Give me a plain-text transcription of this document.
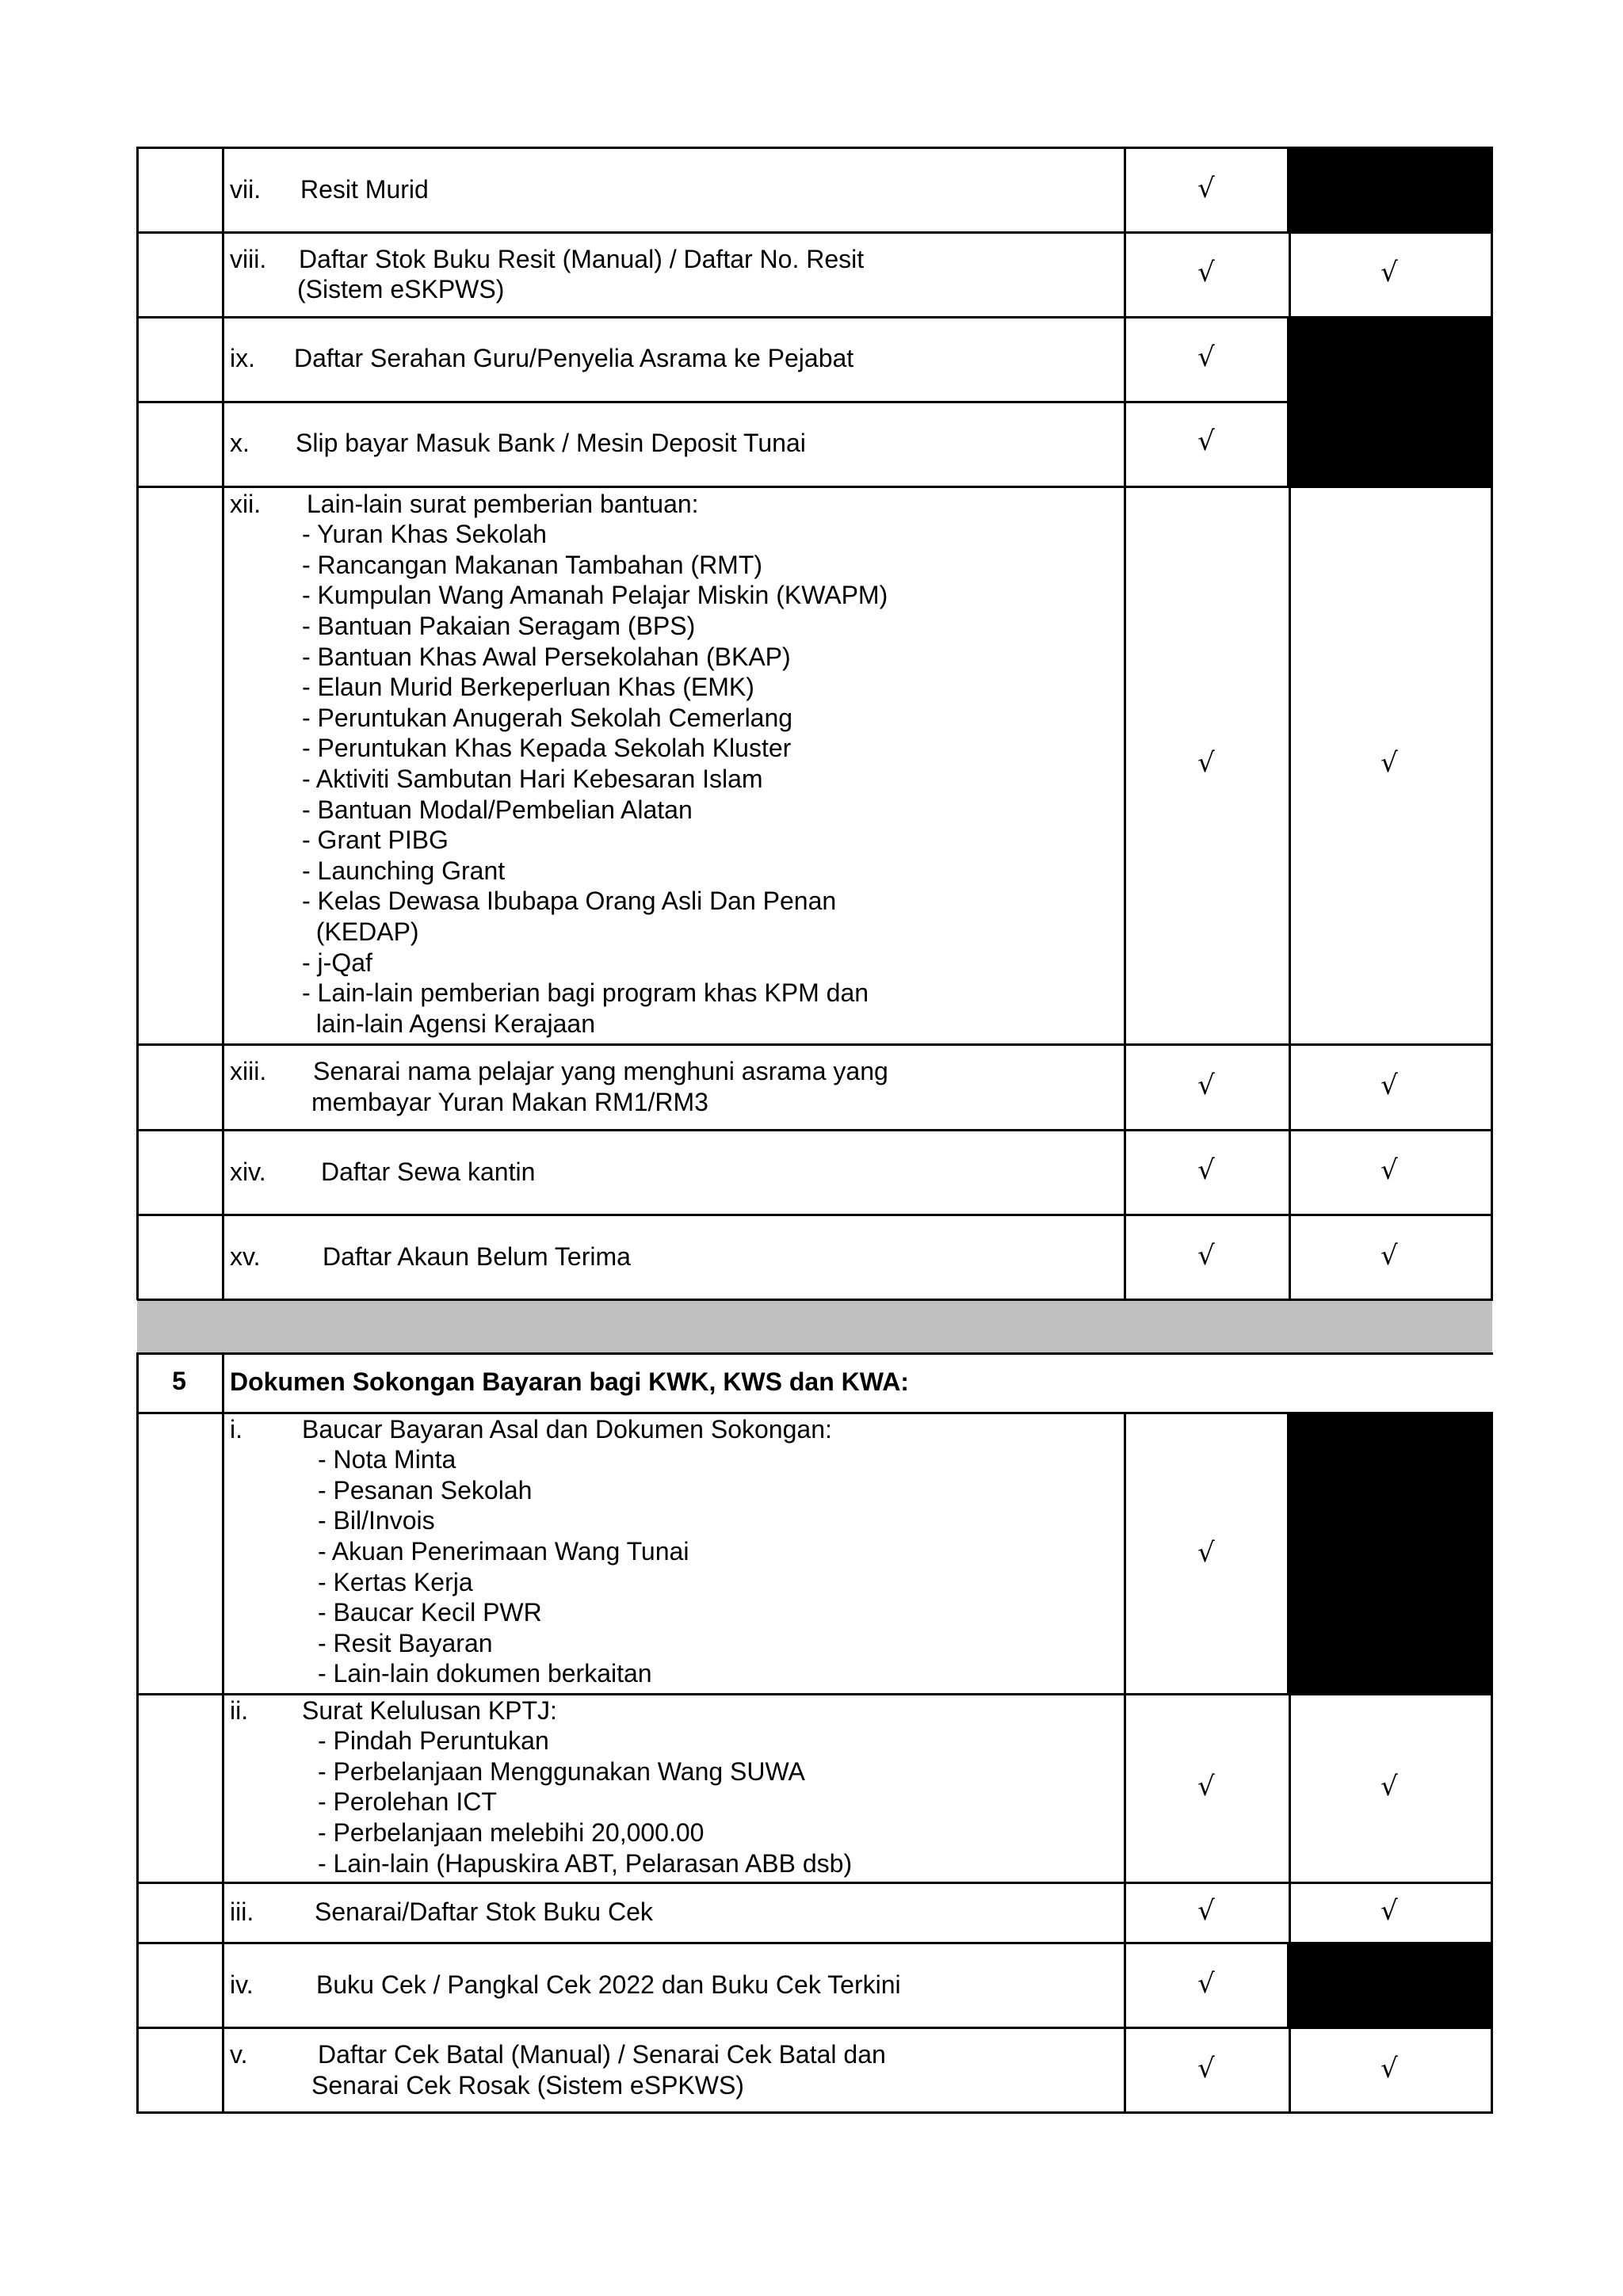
vii. Resit Murid	√
viii. Daftar Stok Buku Resit (Manual) / Daftar No. Resit
(Sistem eSKPWS)
√	√
ix. Daftar Serahan Guru/Penyelia Asrama ke Pejabat	√
x. Slip bayar Masuk Bank / Mesin Deposit Tunai	√
xii. Lain-lain surat pemberian bantuan:
- Yuran Khas Sekolah
- Rancangan Makanan Tambahan (RMT)
- Kumpulan Wang Amanah Pelajar Miskin (KWAPM)
- Bantuan Pakaian Seragam (BPS)
- Bantuan Khas Awal Persekolahan (BKAP)
- Elaun Murid Berkeperluan Khas (EMK)
- Peruntukan Anugerah Sekolah Cemerlang
- Peruntukan Khas Kepada Sekolah Kluster
- Aktiviti Sambutan Hari Kebesaran Islam
- Bantuan Modal/Pembelian Alatan
- Grant PIBG
- Launching Grant
- Kelas Dewasa Ibubapa Orang Asli Dan Penan
(KEDAP)
- j-Qaf
- Lain-lain pemberian bagi program khas KPM dan
lain-lain Agensi Kerajaan
√	√
xiii. Senarai nama pelajar yang menghuni asrama yang
membayar Yuran Makan RM1/RM3
√	√
xiv. Daftar Sewa kantin	√	√
xv. Daftar Akaun Belum Terima	√	√
5	Dokumen Sokongan Bayaran bagi KWK, KWS dan KWA:
i. Baucar Bayaran Asal dan Dokumen Sokongan:
- Nota Minta
- Pesanan Sekolah
- Bil/Invois
- Akuan Penerimaan Wang Tunai
- Kertas Kerja
- Baucar Kecil PWR
- Resit Bayaran
- Lain-lain dokumen berkaitan
√
ii. Surat Kelulusan KPTJ:
- Pindah Peruntukan
- Perbelanjaan Menggunakan Wang SUWA
- Perolehan ICT
- Perbelanjaan melebihi 20,000.00
- Lain-lain (Hapuskira ABT, Pelarasan ABB dsb)
√	√
iii. Senarai/Daftar Stok Buku Cek	√	√
iv. Buku Cek / Pangkal Cek 2022 dan Buku Cek Terkini	√
v.	Daftar Cek Batal (Manual) / Senarai Cek Batal dan
Senarai Cek Rosak (Sistem eSPKWS)
√	√
